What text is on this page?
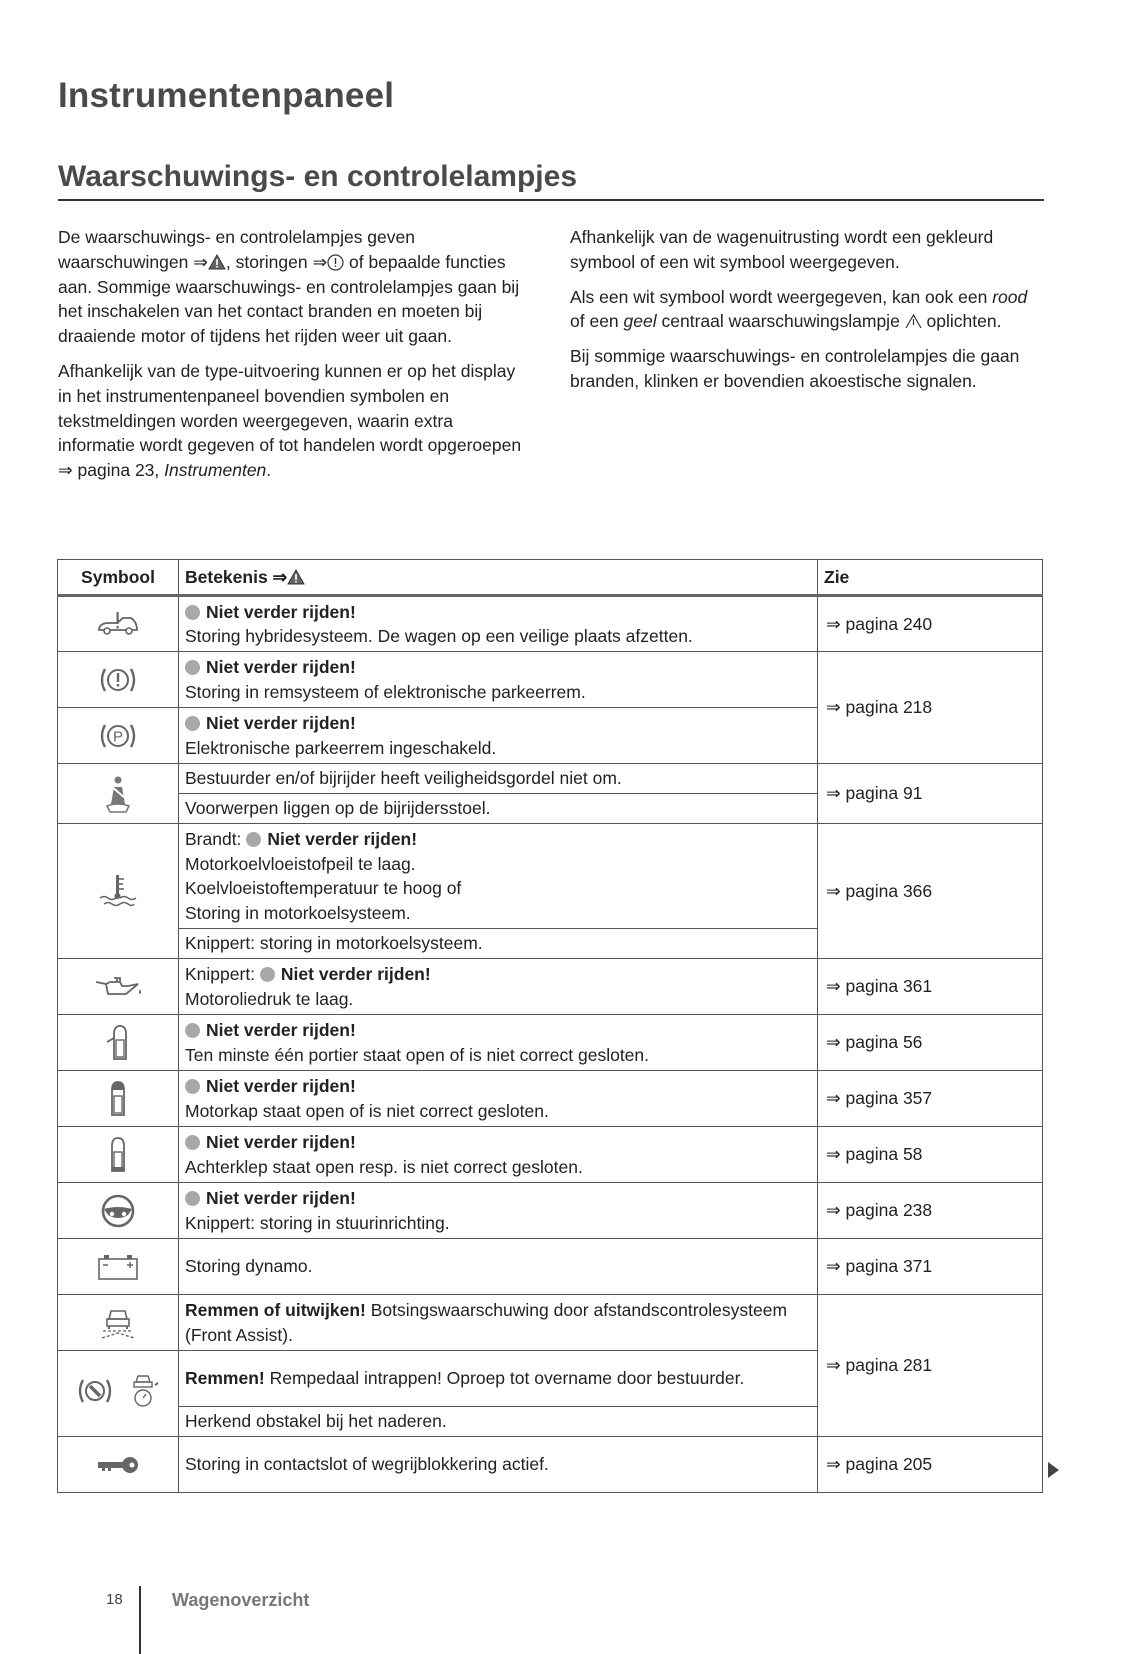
Instrumentenpaneel
Waarschuwings- en controlelampjes

De waarschuwings- en controlelampjes geven waarschuwingen ⇒ , storingen ⇒ of bepaalde functies aan. Sommige waarschuwings- en controlelampjes gaan bij het inschakelen van het contact branden en moeten bij draaiende motor of tijdens het rijden weer uit gaan.

Afhankelijk van de type-uitvoering kunnen er op het display in het instrumentenpaneel bovendien symbolen en tekstmeldingen worden weergegeven, waarin extra informatie wordt gegeven of tot handelen wordt opgeroepen ⇒ pagina 23, Instrumenten.

Afhankelijk van de wagenuitrusting wordt een gekleurd symbool of een wit symbool weergegeven.

Als een wit symbool wordt weergegeven, kan ook een rood of een geel centraal waarschuwingslampje  oplichten.

Bij sommige waarschuwings- en controlelampjes die gaan branden, klinken er bovendien akoestische signalen.

Symbool	Betekenis ⇒	Zie

	Niet verder rijden!
Storing hybridesysteem. De wagen op een veilige plaats afzetten.	⇒ pagina 240

	Niet verder rijden!
Storing in remsysteem of elektronische parkeerrem.	⇒ pagina 218

P	Niet verder rijden!
Elektronische parkeerrem ingeschakeld.	

	Bestuurder en/of bijrijder heeft veiligheidsgordel niet om.	⇒ pagina 91
	Voorwerpen liggen op de bijrijdersstoel.	

	Brandt: Niet verder rijden!
Motorkoelvloeistofpeil te laag.
Koelvloeistoftemperatuur te hoog of
Storing in motorkoelsysteem.	⇒ pagina 366
	Knippert: storing in motorkoelsysteem.	

	Knippert: Niet verder rijden!
Motoroliedruk te laag.	⇒ pagina 361

	Niet verder rijden!
Ten minste één portier staat open of is niet correct gesloten.	⇒ pagina 56

	Niet verder rijden!
Motorkap staat open of is niet correct gesloten.	⇒ pagina 357

	Niet verder rijden!
Achterklep staat open resp. is niet correct gesloten.	⇒ pagina 58

	Niet verder rijden!
Knippert: storing in stuurinrichting.	⇒ pagina 238

	Storing dynamo.	⇒ pagina 371

	Remmen of uitwijken! Botsingswaarschuwing door afstandscontrolesysteem (Front Assist).	⇒ pagina 281

	Remmen! Rempedaal intrappen! Oproep tot overname door bestuurder.	
	Herkend obstakel bij het naderen.	

	Storing in contactslot of wegrijblokkering actief.	⇒ pagina 205
18	Wagenoverzicht
